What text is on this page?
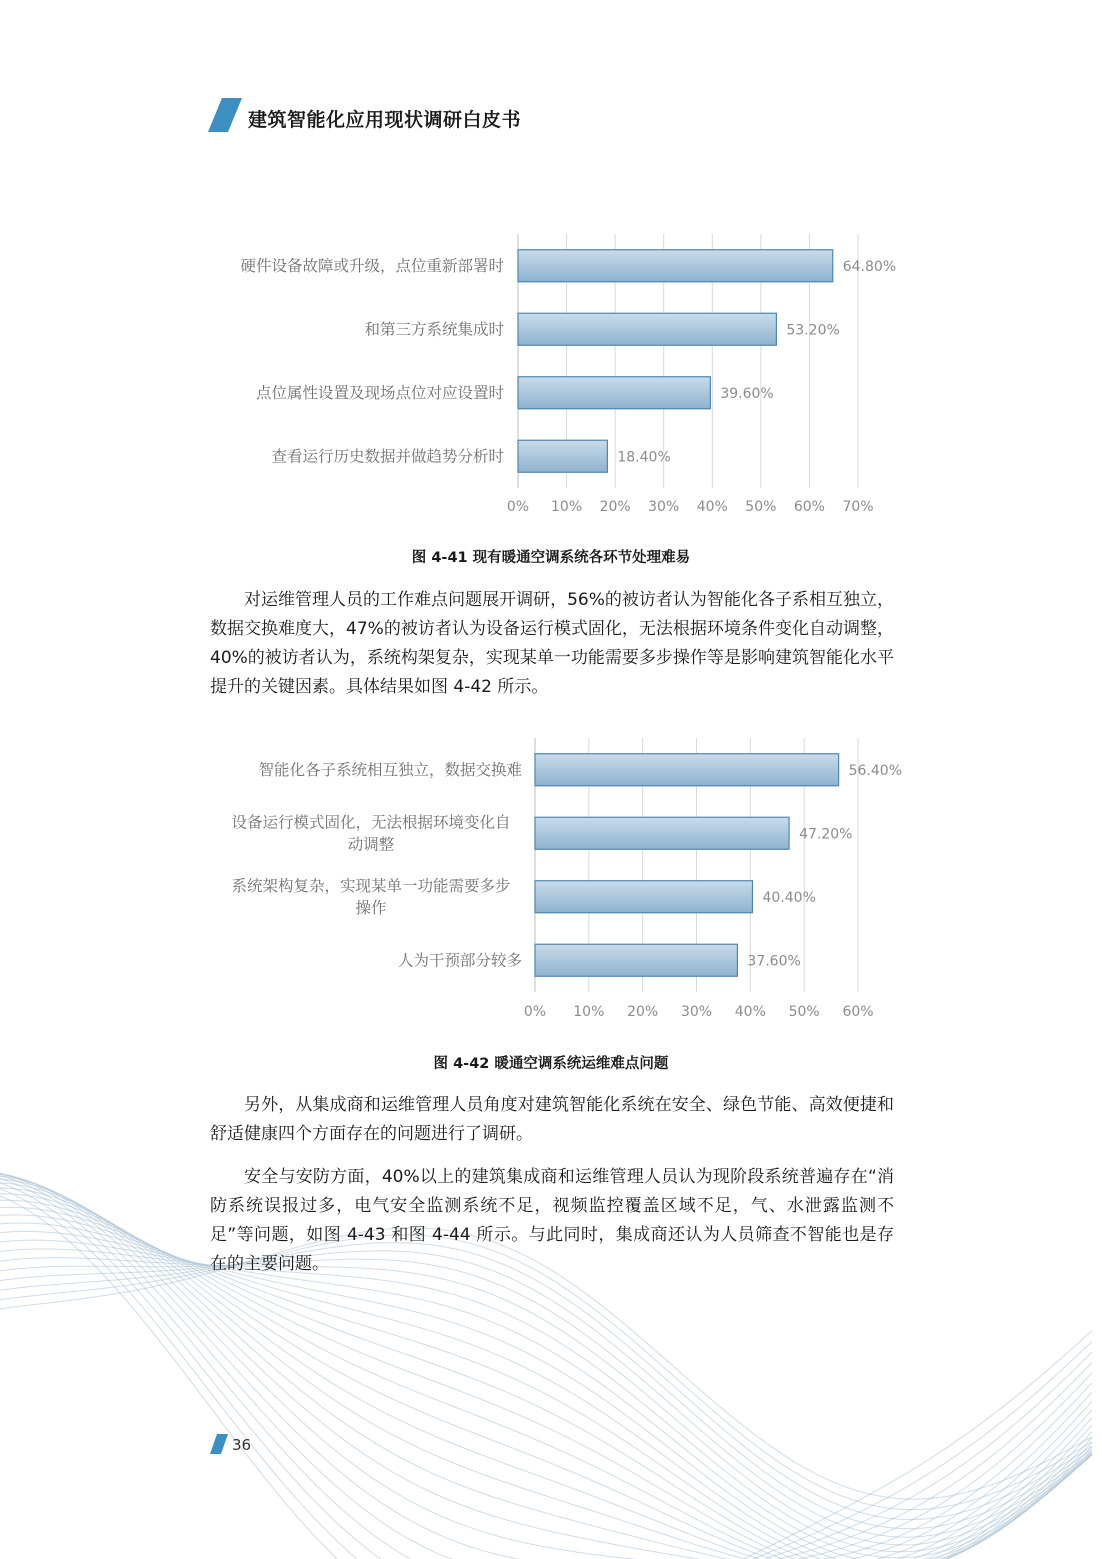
建筑智能化应用现状调研白皮书
0% 10% 20% 30% 40% 50% 60% 70%
64.80%
硬件设备故障或升级，点位重新部署时
53.20%
和第三方系统集成时
39.60%
点位属性设置及现场点位对应设置时
18.40%
查看运行历史数据并做趋势分析时
图 4-41 现有暖通空调系统各环节处理难易

对运维管理人员的工作难点问题展开调研，56%的被访者认为智能化各子系相互独立，数据交换难度大，47%的被访者认为设备运行模式固化，无法根据环境条件变化自动调整，40%的被访者认为，系统构架复杂，实现某单一功能需要多步操作等是影响建筑智能化水平提升的关键因素。具体结果如图 4-42 所示。

0% 10% 20% 30% 40% 50% 60%
56.40%
智能化各子系统相互独立，数据交换难
47.20%
设备运行模式固化，无法根据环境变化自动调整
40.40%
系统架构复杂，实现某单一功能需要多步操作
37.60%
人为干预部分较多
图 4-42 暖通空调系统运维难点问题

另外，从集成商和运维管理人员角度对建筑智能化系统在安全、绿色节能、高效便捷和舒适健康四个方面存在的问题进行了调研。

安全与安防方面，40%以上的建筑集成商和运维管理人员认为现阶段系统普遍存在“消防系统误报过多，电气安全监测系统不足，视频监控覆盖区域不足，气、水泄露监测不足”等问题，如图 4-43 和图 4-44 所示。与此同时，集成商还认为人员筛查不智能也是存在的主要问题。

36
